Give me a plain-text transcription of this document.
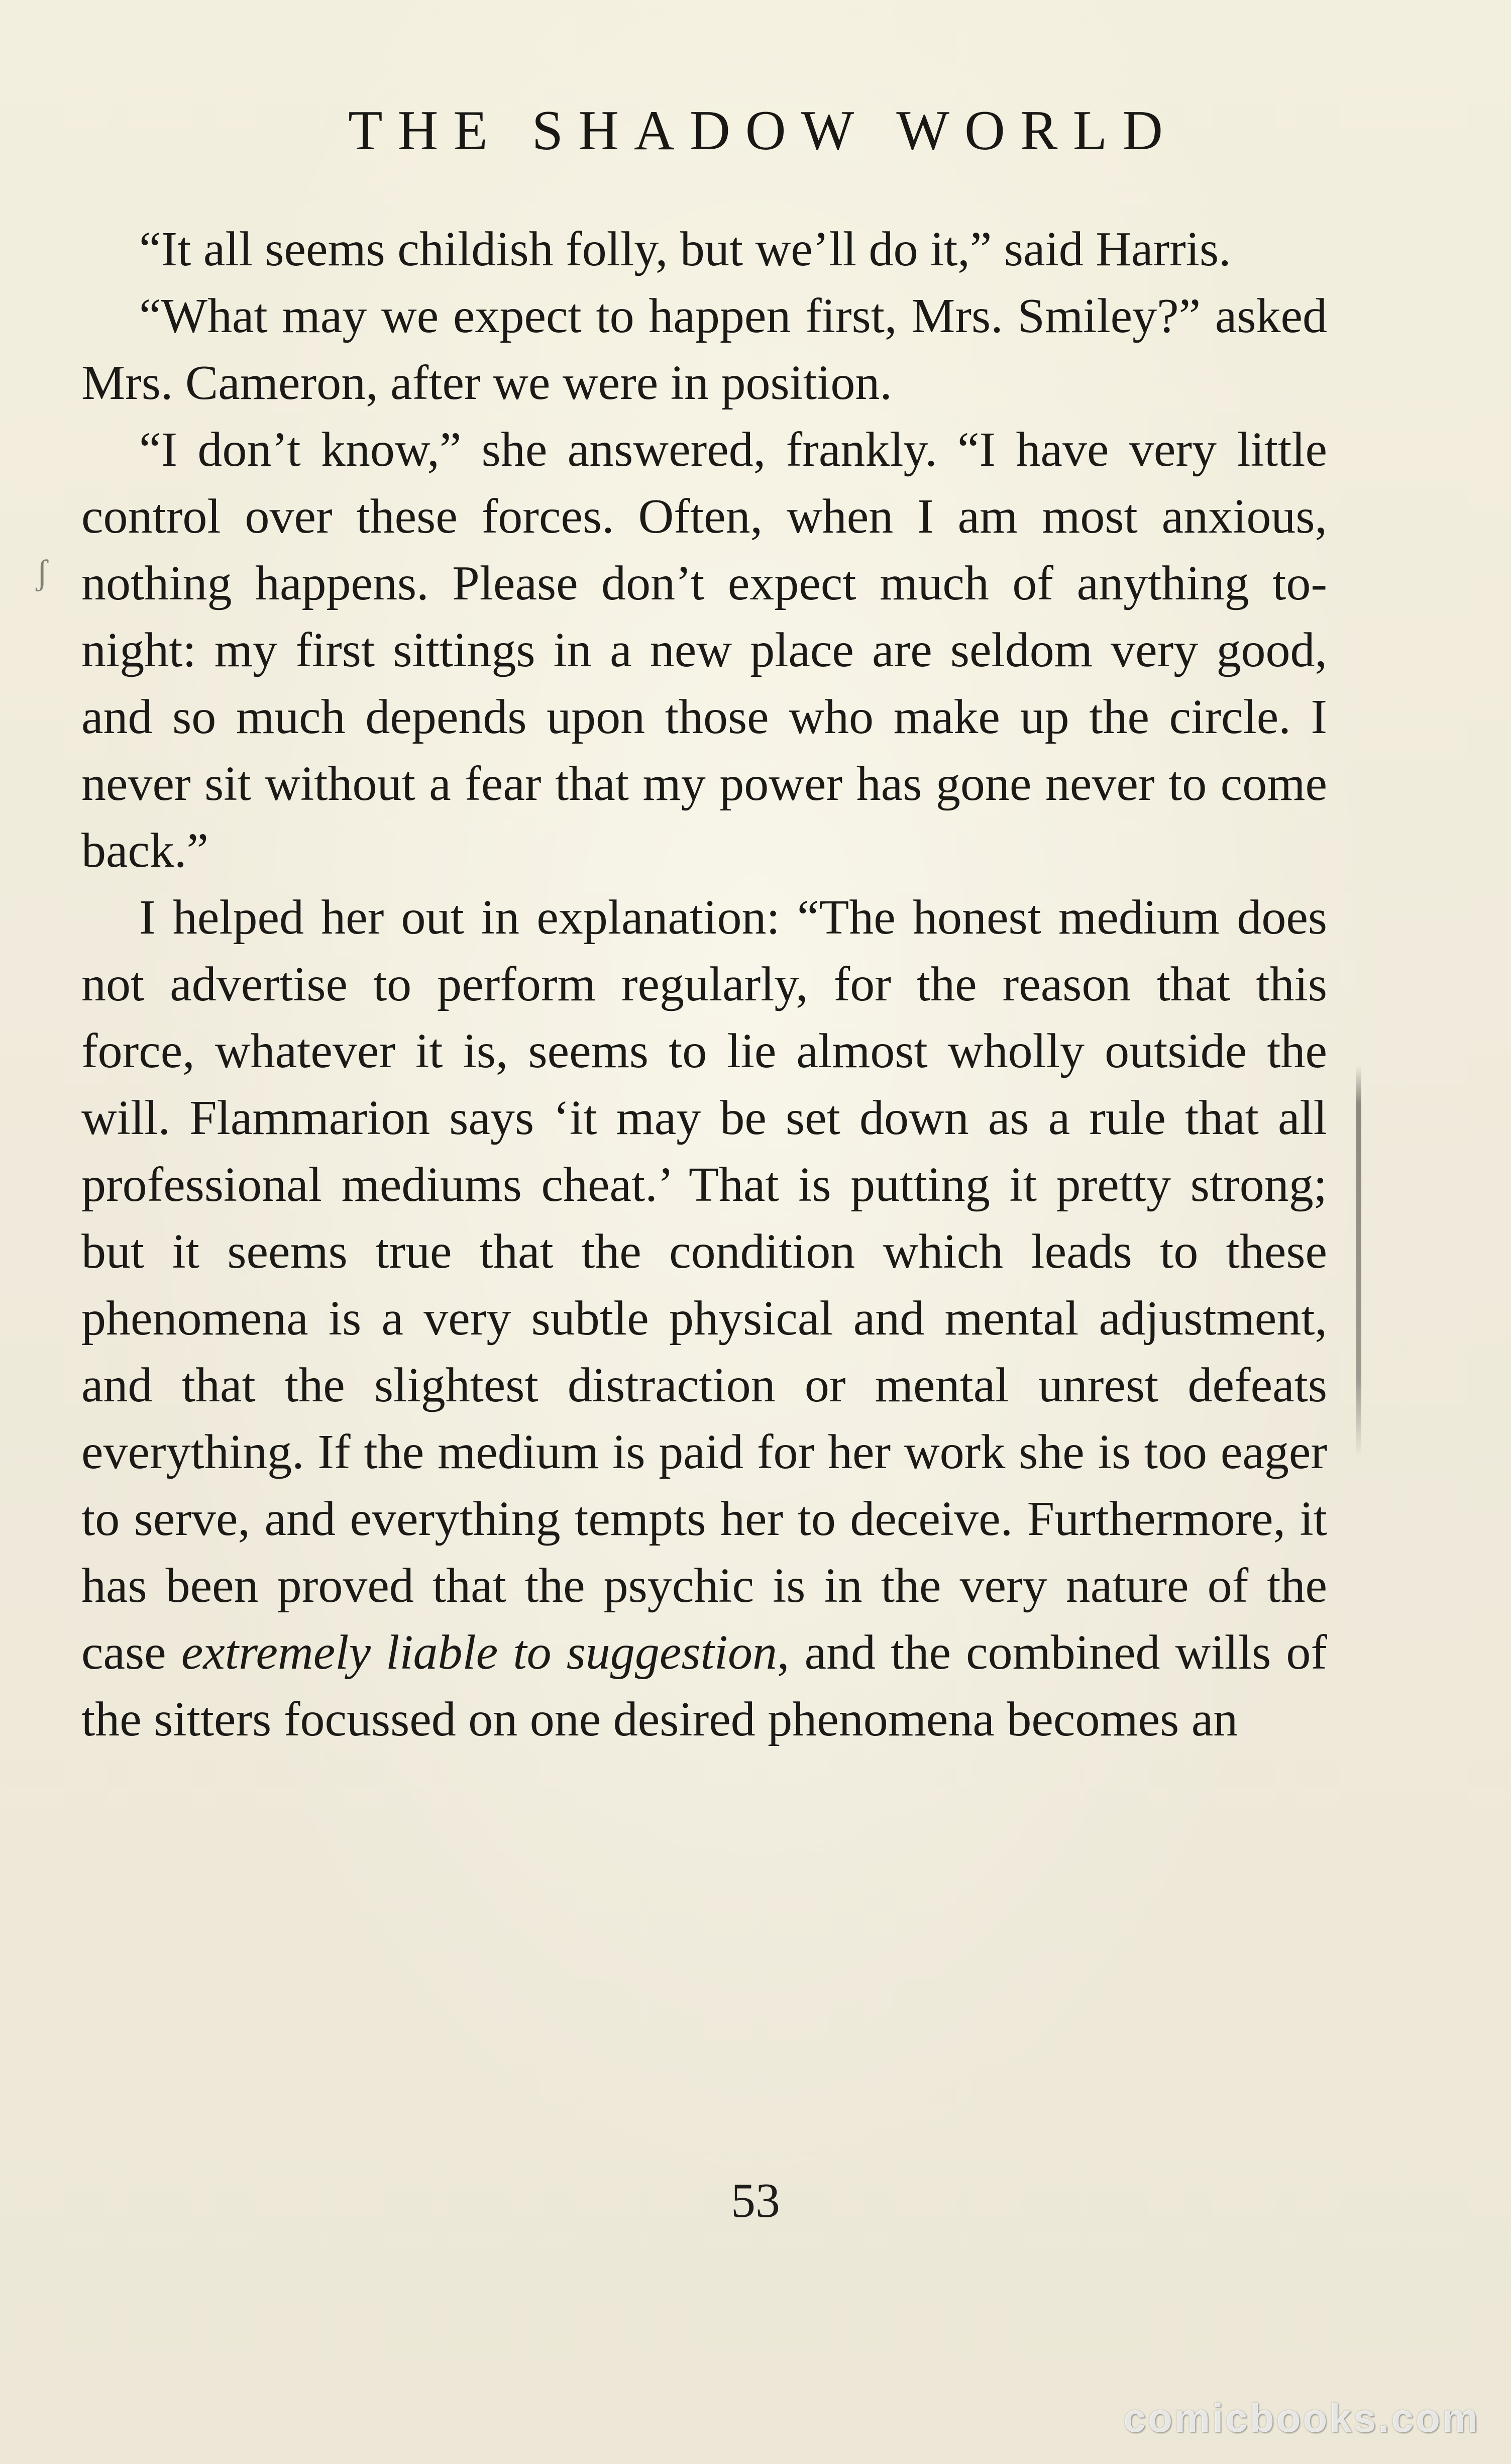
THE SHADOW WORLD
ʃ

“It all seems childish folly, but we’ll do it,” said Harris.

“What may we expect to happen first, Mrs. Smiley?” asked Mrs. Cameron, after we were in position.

“I don’t know,” she answered, frankly. “I have very little control over these forces. Often, when I am most anxious, nothing happens. Please don’t expect much of anything to-night: my first sittings in a new place are seldom very good, and so much depends upon those who make up the circle. I never sit without a fear that my power has gone never to come back.”

I helped her out in explanation: “The honest medium does not advertise to perform regularly, for the reason that this force, whatever it is, seems to lie almost wholly outside the will. Flammarion says ‘it may be set down as a rule that all professional mediums cheat.’ That is putting it pretty strong; but it seems true that the condition which leads to these phenomena is a very subtle physical and mental adjustment, and that the slightest distraction or mental unrest defeats everything. If the medium is paid for her work she is too eager to serve, and everything tempts her to deceive. Furthermore, it has been proved that the psychic is in the very nature of the case extremely liable to suggestion, and the combined wills of the sitters focussed on one desired phenomena becomes an

53
comicbooks.com
